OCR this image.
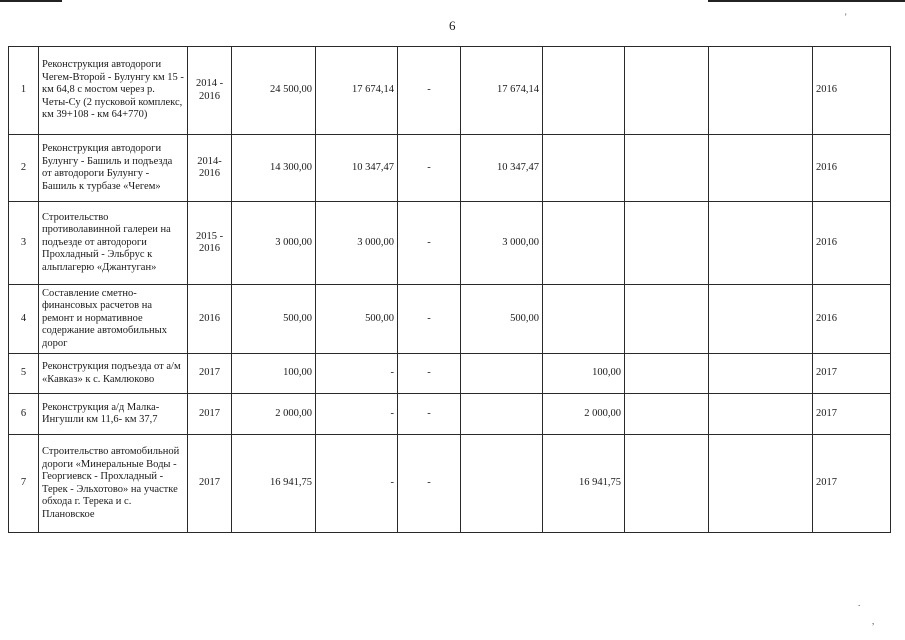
6
'
.
,
1	Реконструкция автодороги Чегем-Второй - Булунгу км 15 - км 64,8 с мостом через р. Четы-Су (2 пусковой комплекс, км 39+108 - км 64+770)	2014 - 2016	24 500,00	17 674,14	-	17 674,14				2016
2	Реконструкция автодороги Булунгу - Башиль и подъезда от автодороги Булунгу - Башиль к турбазе «Чегем»	2014- 2016	14 300,00	10 347,47	-	10 347,47				2016
3	Строительство противолавинной галереи на подъезде от автодороги Прохладный - Эльбрус к альплагерю «Джантуган»	2015 - 2016	3 000,00	3 000,00	-	3 000,00				2016
4	Составление сметно-финансовых расчетов на ремонт и нормативное содержание автомобильных дорог	2016	500,00	500,00	-	500,00				2016
5	Реконструкция подъезда от а/м «Кавказ» к с. Камлюково	2017	100,00	-	-		100,00			2017
6	Реконструкция а/д Малка-Ингушли км 11,6- км 37,7	2017	2 000,00	-	-		2 000,00			2017
7	Строительство автомобильной дороги «Минеральные Воды - Георгиевск - Прохладный - Терек - Эльхотово» на участке обхода г. Терека и с. Плановское	2017	16 941,75	-	-		16 941,75			2017
